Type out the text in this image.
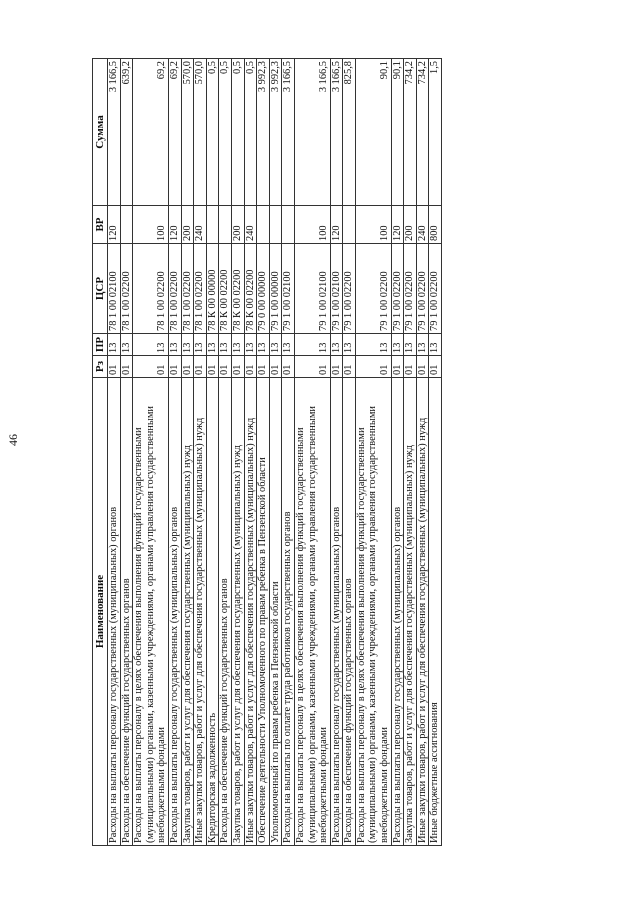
46
Наименование	Рз	ПР	ЦСР	ВР	Сумма
Расходы на выплаты персоналу государственных (муниципальных) органов	01	13	78 1 00 02100	120	3 166,5
Расходы на обеспечение функций государственных органов	01	13	78 1 00 02200		639,2
Расходы на выплаты персоналу в целях обеспечения выполнения функций государственными (муниципальными) органами, казенными учреждениями, органами управления государственными внебюджетными фондами	01	13	78 1 00 02200	100	69,2
Расходы на выплаты персоналу государственных (муниципальных) органов	01	13	78 1 00 02200	120	69,2
Закупка товаров, работ и услуг для обеспечения государственных (муниципальных) нужд	01	13	78 1 00 02200	200	570,0
Иные закупки товаров, работ и услуг для обеспечения государственных (муниципальных) нужд	01	13	78 1 00 02200	240	570,0
Кредиторская задолженность	01	13	78 К 00 00000		0,5
Расходы на обеспечение функций государственных органов	01	13	78 К 00 02200		0,5
Закупка товаров, работ и услуг для обеспечения государственных (муниципальных) нужд	01	13	78 К 00 02200	200	0,5
Иные закупки товаров, работ и услуг для обеспечения государственных (муниципальных) нужд	01	13	78 К 00 02200	240	0,5
Обеспечение деятельности Уполномоченного по правам ребенка в Пензенской области	01	13	79 0 00 00000		3 992,3
Уполномоченный по правам ребенка в Пензенской области	01	13	79 1 00 00000		3 992,3
Расходы на выплаты по оплате труда работников государственных органов	01	13	79 1 00 02100		3 166,5
Расходы на выплаты персоналу в целях обеспечения выполнения функций государственными (муниципальными) органами, казенными учреждениями, органами управления государственными внебюджетными фондами	01	13	79 1 00 02100	100	3 166,5
Расходы на выплаты персоналу государственных (муниципальных) органов	01	13	79 1 00 02100	120	3 166,5
Расходы на обеспечение функций государственных органов	01	13	79 1 00 02200		825,8
Расходы на выплаты персоналу в целях обеспечения выполнения функций государственными (муниципальными) органами, казенными учреждениями, органами управления государственными внебюджетными фондами	01	13	79 1 00 02200	100	90,1
Расходы на выплаты персоналу государственных (муниципальных) органов	01	13	79 1 00 02200	120	90,1
Закупка товаров, работ и услуг для обеспечения государственных (муниципальных) нужд	01	13	79 1 00 02200	200	734,2
Иные закупки товаров, работ и услуг для обеспечения государственных (муниципальных) нужд	01	13	79 1 00 02200	240	734,2
Иные бюджетные ассигнования	01	13	79 1 00 02200	800	1,5
